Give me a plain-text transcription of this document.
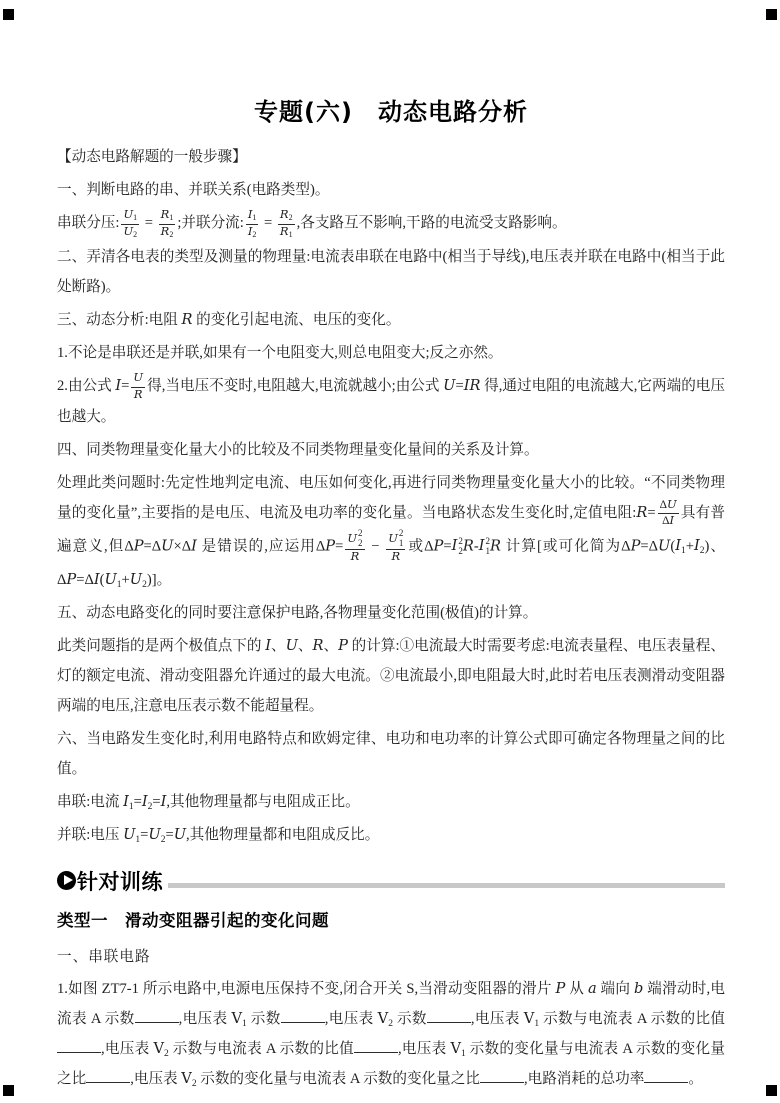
专题(六)　动态电路分析

【动态电路解题的一般步骤】

一、判断电路的串、并联关系(电路类型)。

串联分压: $\frac{U_1}{U_2} = \frac{R_1}{R_2}$ ;并联分流: $\frac{I_1}{I_2} = \frac{R_2}{R_1}$ ,各支路互不影响,干路的电流受支路影响。

二、弄清各电表的类型及测量的物理量:电流表串联在电路中(相当于导线),电压表并联在电路中(相当于此处断路)。

三、动态分析:电阻 R 的变化引起电流、电压的变化。

1.不论是串联还是并联,如果有一个电阻变大,则总电阻变大;反之亦然。

2.由公式 $I= \frac{U}{R}$ 得,当电压不变时,电阻越大,电流就越小;由公式 U=IR 得,通过电阻的电流越大,它两端的电压也越大。

四、同类物理量变化量大小的比较及不同类物理量变化量间的关系及计算。

处理此类问题时:先定性地判定电流、电压如何变化,再进行同类物理量变化量大小的比较。“不同类物理量的变化量”,主要指的是电压、电流及电功率的变化量。当电路状态发生变化时,定值电阻:R= $\frac{\Delta U}{\Delta I}$ 具有普遍意义,但ΔP=ΔU×ΔI 是错误的,应运用ΔP= U 2
2
R − U 2
1
R 或ΔP=I 2
2 R-I 2
1 R 计算[或可化简为$\Delta P=\Delta U(I_1+I_2)$、$\Delta P=\Delta I(U_1+U_2)$]。

五、动态电路变化的同时要注意保护电路,各物理量变化范围(极值)的计算。

此类问题指的是两个极值点下的 I、U、R、P 的计算:①电流最大时需要考虑:电流表量程、电压表量程、灯的额定电流、滑动变阻器允许通过的最大电流。②电流最小,即电阻最大时,此时若电压表测滑动变阻器两端的电压,注意电压表示数不能超量程。

六、当电路发生变化时,利用电路特点和欧姆定律、电功和电功率的计算公式即可确定各物理量之间的比值。

串联:电流 $I_1=I_2=I$,其他物理量都与电阻成正比。

并联:电压 $U_1=U_2=U$,其他物理量都和电阻成反比。

针对训练
类型一　滑动变阻器引起的变化问题

一、串联电路

1.如图 ZT7-1 所示电路中,电源电压保持不变,闭合开关 S,当滑动变阻器的滑片 P 从 a 端向 b 端滑动时,电流表 A 示数	,电压表 $V_1$ 示数	,电压表 $V_2$ 示数	,电压表 $V_1$ 示数与电流表 A 示数的比值,电压表 $V_2$ 示数与电流表 A 示数的比值	,电压表 $V_1$ 示数的变化量与电流表 A 示数的变化量之比	,电压表 $V_2$ 示数的变化量与电流表 A 示数的变化量之比	,电路消耗的总功率	。
